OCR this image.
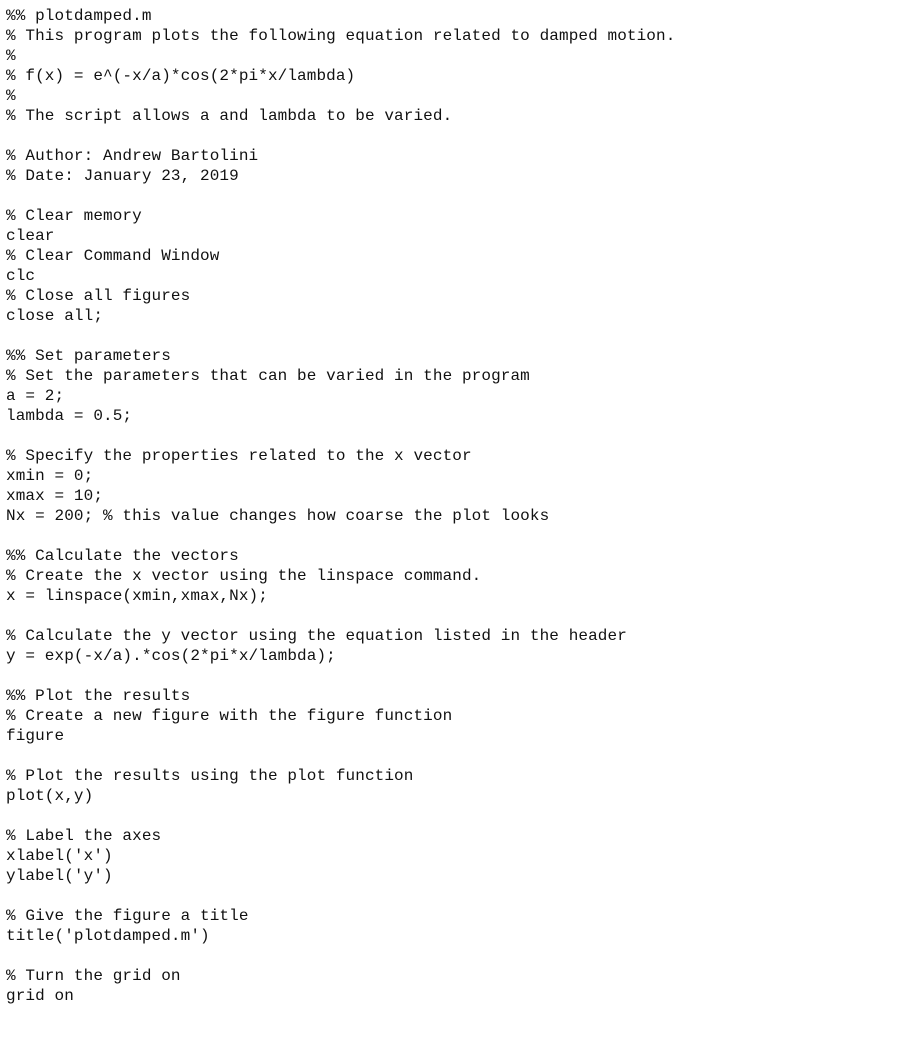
%% plotdamped.m
% This program plots the following equation related to damped motion.
%
% f(x) = e^(-x/a)*cos(2*pi*x/lambda)
%
% The script allows a and lambda to be varied.
% Author: Andrew Bartolini
% Date: January 23, 2019
% Clear memory
clear
% Clear Command Window
clc
% Close all figures
close all;
%% Set parameters
% Set the parameters that can be varied in the program
a = 2;
lambda = 0.5;
% Specify the properties related to the x vector
xmin = 0;
xmax = 10;
Nx = 200; % this value changes how coarse the plot looks
%% Calculate the vectors
% Create the x vector using the linspace command.
x = linspace(xmin,xmax,Nx);
% Calculate the y vector using the equation listed in the header
y = exp(-x/a).*cos(2*pi*x/lambda);
%% Plot the results
% Create a new figure with the figure function
figure
% Plot the results using the plot function
plot(x,y)
% Label the axes
xlabel('x')
ylabel('y')
% Give the figure a title
title('plotdamped.m')
% Turn the grid on
grid on
